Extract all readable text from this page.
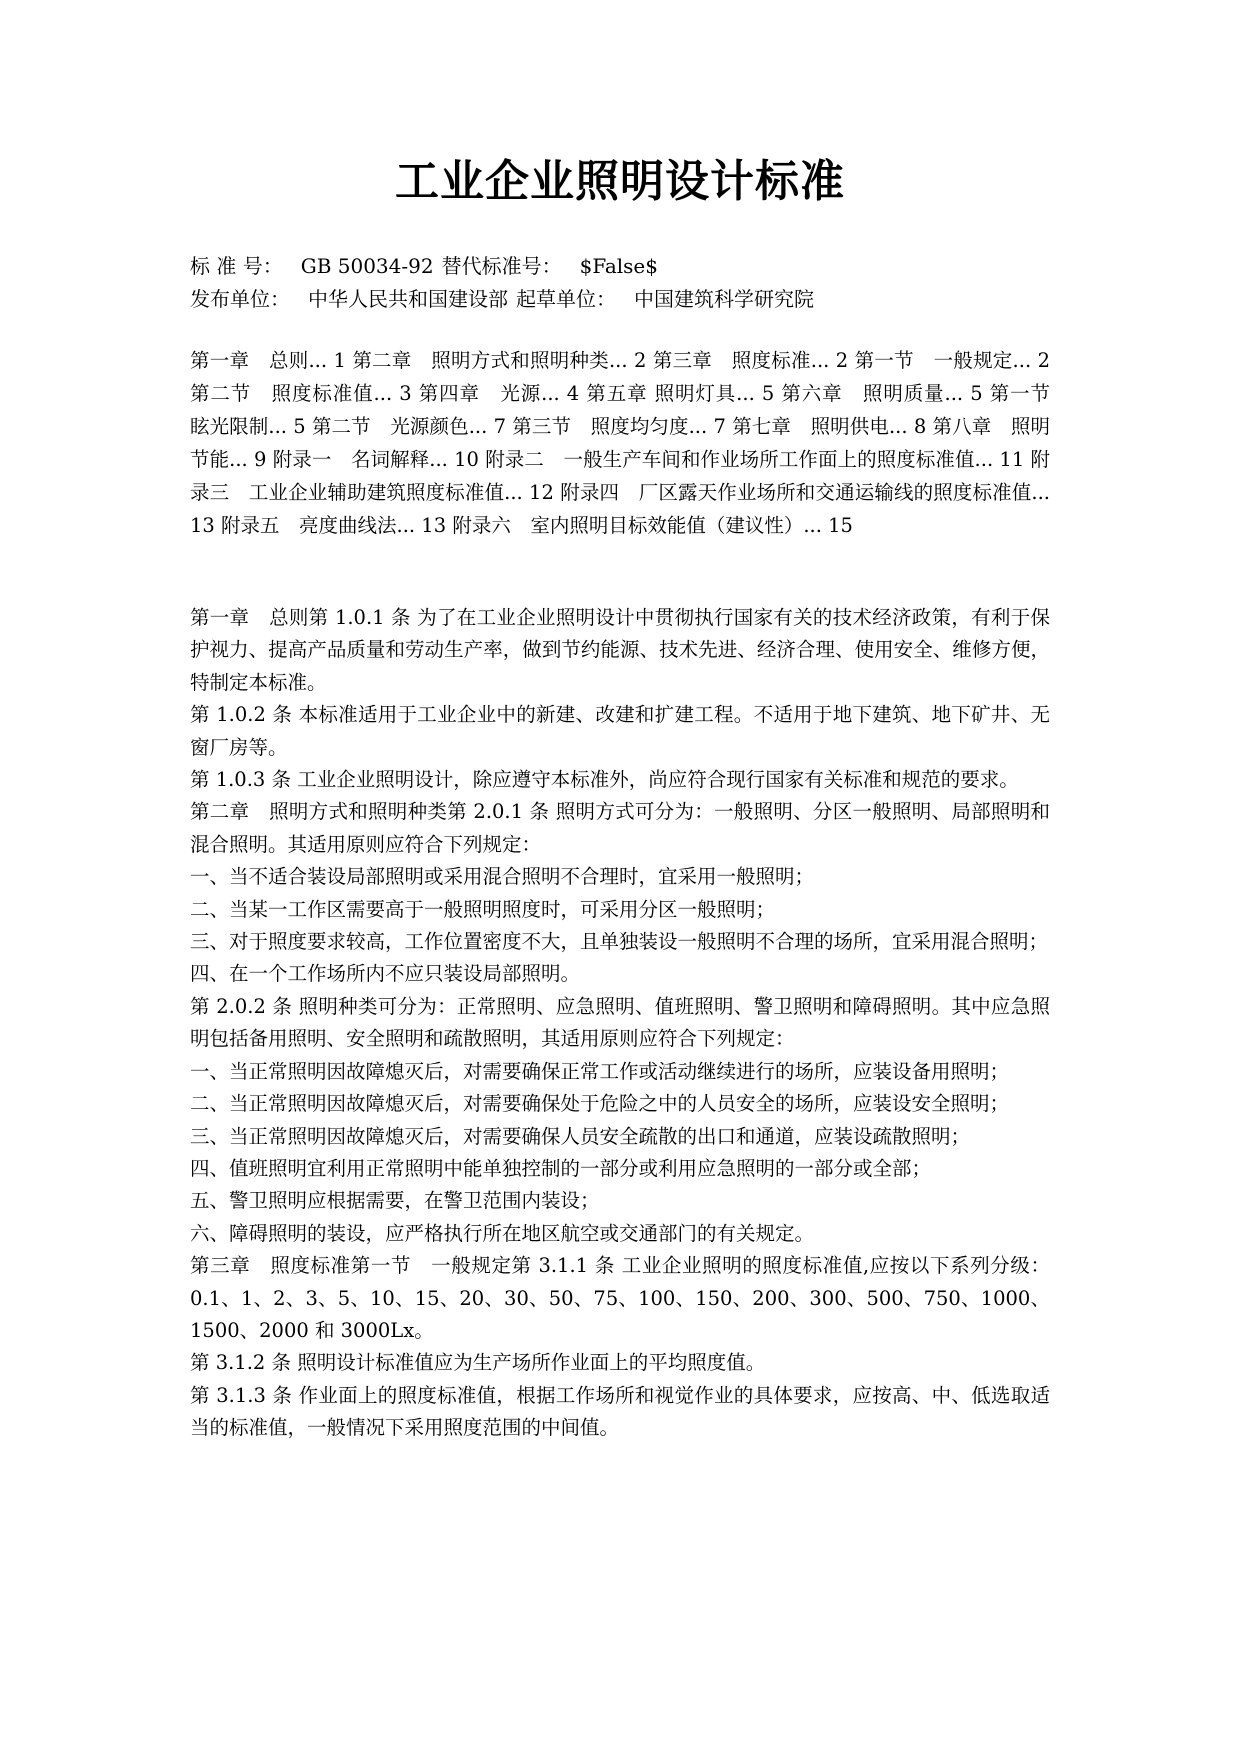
工业企业照明设计标准
标 准 号： GB 50034-92 替代标准号： $False$
发布单位： 中华人民共和国建设部 起草单位： 中国建筑科学研究院
第一章　总则... 1 第二章　照明方式和照明种类... 2 第三章　照度标准... 2 第一节　一般规定... 2 第二节　照度标准值... 3 第四章　光源... 4 第五章 照明灯具... 5 第六章　照明质量... 5 第一节　眩光限制... 5 第二节　光源颜色... 7 第三节　照度均匀度... 7 第七章　照明供电... 8 第八章　照明节能... 9 附录一　名词解释... 10 附录二　一般生产车间和作业场所工作面上的照度标准值... 11 附录三　工业企业辅助建筑照度标准值... 12 附录四　厂区露天作业场所和交通运输线的照度标准值... 13 附录五　亮度曲线法... 13 附录六　室内照明目标效能值（建议性）... 15

第一章　总则第 1.0.1 条 为了在工业企业照明设计中贯彻执行国家有关的技术经济政策，有利于保护视力、提高产品质量和劳动生产率，做到节约能源、技术先进、经济合理、使用安全、维修方便，特制定本标准。

第 1.0.2 条 本标准适用于工业企业中的新建、改建和扩建工程。不适用于地下建筑、地下矿井、无窗厂房等。

第 1.0.3 条 工业企业照明设计，除应遵守本标准外，尚应符合现行国家有关标准和规范的要求。

第二章　照明方式和照明种类第 2.0.1 条 照明方式可分为：一般照明、分区一般照明、局部照明和混合照明。其适用原则应符合下列规定：

一、当不适合装设局部照明或采用混合照明不合理时，宜采用一般照明；

二、当某一工作区需要高于一般照明照度时，可采用分区一般照明；

三、对于照度要求较高，工作位置密度不大，且单独装设一般照明不合理的场所，宜采用混合照明；

四、在一个工作场所内不应只装设局部照明。

第 2.0.2 条 照明种类可分为：正常照明、应急照明、值班照明、警卫照明和障碍照明。其中应急照明包括备用照明、安全照明和疏散照明，其适用原则应符合下列规定：

一、当正常照明因故障熄灭后，对需要确保正常工作或活动继续进行的场所，应装设备用照明；

二、当正常照明因故障熄灭后，对需要确保处于危险之中的人员安全的场所，应装设安全照明；

三、当正常照明因故障熄灭后，对需要确保人员安全疏散的出口和通道，应装设疏散照明；

四、值班照明宜利用正常照明中能单独控制的一部分或利用应急照明的一部分或全部；

五、警卫照明应根据需要，在警卫范围内装设；

六、障碍照明的装设，应严格执行所在地区航空或交通部门的有关规定。

第三章　照度标准第一节　一般规定第 3.1.1 条 工业企业照明的照度标准值,应按以下系列分级：0.1、1、2、3、5、10、15、20、30、50、75、100、150、200、300、500、750、1000、1500、2000 和 3000Lx。

第 3.1.2 条 照明设计标准值应为生产场所作业面上的平均照度值。

第 3.1.3 条 作业面上的照度标准值，根据工作场所和视觉作业的具体要求，应按高、中、低选取适当的标准值，一般情况下采用照度范围的中间值。
